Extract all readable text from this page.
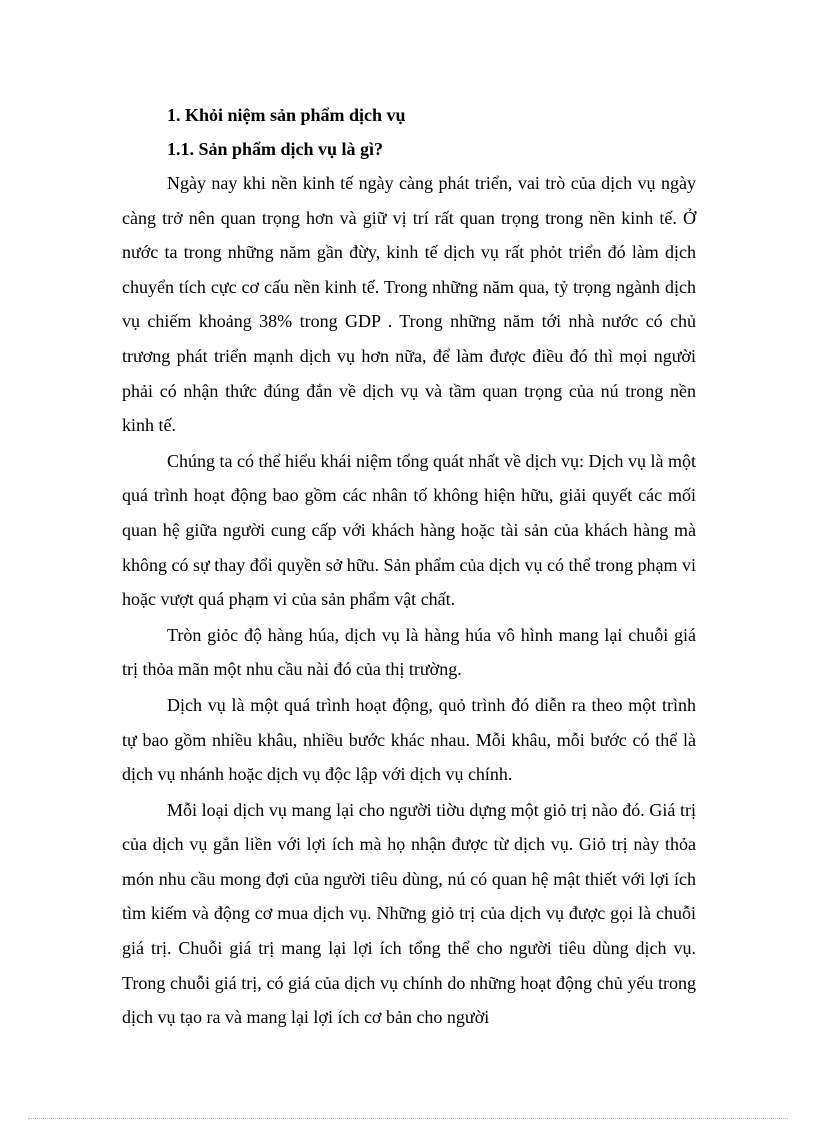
1. Khỏi niệm sản phẩm dịch vụ
1.1. Sản phẩm dịch vụ là gì?

Ngày nay khi nền kinh tế ngày càng phát triển, vai trò của dịch vụ ngày càng trở nên quan trọng hơn và giữ vị trí rất quan trọng trong nền kinh tế. Ở nước ta trong những năm gần đừy, kinh tế dịch vụ rất phỏt triển đó làm dịch chuyển tích cực cơ cấu nền kinh tế. Trong những năm qua, tỷ trọng ngành dịch vụ chiếm khoảng 38% trong GDP . Trong những năm tới nhà nước có chủ trương phát triển mạnh dịch vụ hơn nữa, để làm được điều đó thì mọi người phải có nhận thức đúng đắn về dịch vụ và tầm quan trọng của nú trong nền kinh tế.

Chúng ta có thể hiểu khái niệm tổng quát nhất về dịch vụ: Dịch vụ là một quá trình hoạt động bao gồm các nhân tố không hiện hữu, giải quyết các mối quan hệ giữa người cung cấp với khách hàng hoặc tài sản của khách hàng mà không có sự thay đổi quyền sở hữu. Sản phẩm của dịch vụ có thể trong phạm vi hoặc vượt quá phạm vi của sản phẩm vật chất.

Tròn giỏc độ hàng húa, dịch vụ là hàng húa vô hình mang lại chuỗi giá trị thỏa mãn một nhu cầu nài đó của thị trường.

Dịch vụ là một quá trình hoạt động, quỏ trình đó diễn ra theo một trình tự bao gồm nhiều khâu, nhiều bước khác nhau. Mỗi khâu, mỗi bước có thể là dịch vụ nhánh hoặc dịch vụ độc lập với dịch vụ chính.

Mỗi loại dịch vụ mang lại cho người tiờu dựng một giỏ trị nào đó. Giá trị của dịch vụ gắn liền với lợi ích mà họ nhận được từ dịch vụ. Giỏ trị này thỏa món nhu cầu mong đợi của người tiêu dùng, nú có quan hệ mật thiết với lợi ích tìm kiếm và động cơ mua dịch vụ. Những giỏ trị của dịch vụ được gọi là chuỗi giá trị. Chuỗi giá trị mang lại lợi ích tổng thể cho người tiêu dùng dịch vụ. Trong chuỗi giá trị, có giá của dịch vụ chính do những hoạt động chủ yếu trong dịch vụ tạo ra và mang lại lợi ích cơ bản cho người
